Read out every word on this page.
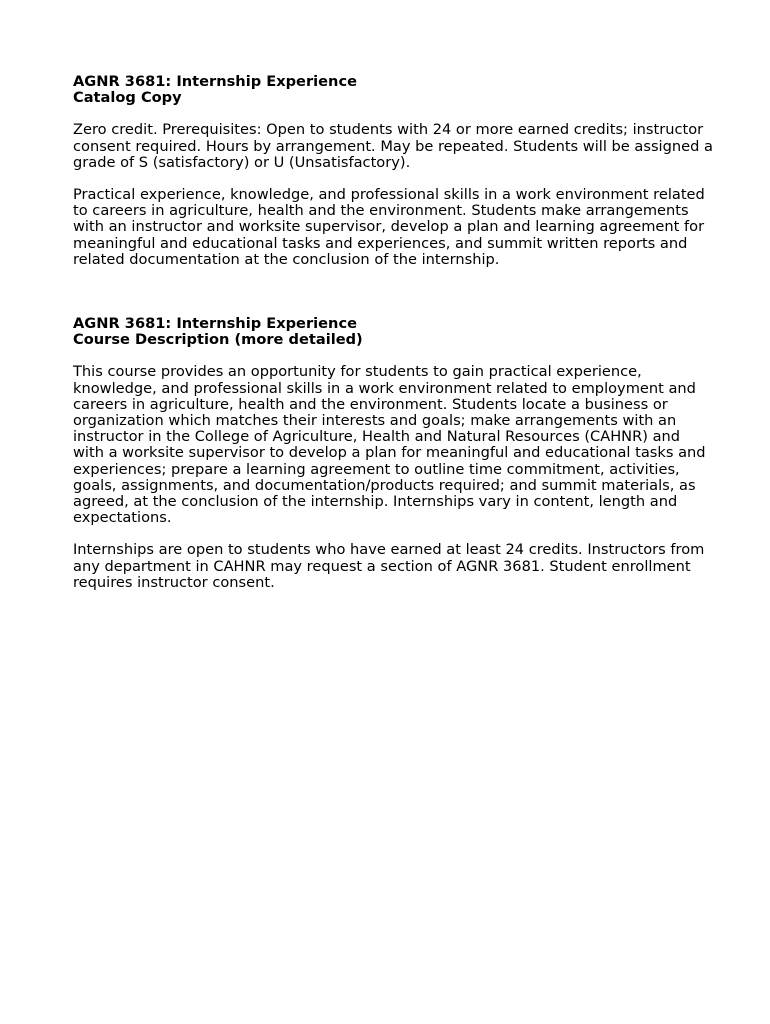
AGNR 3681: Internship Experience
Catalog Copy

Zero credit. Prerequisites: Open to students with 24 or more earned credits; instructor consent required. Hours by arrangement. May be repeated. Students will be assigned a grade of S (satisfactory) or U (Unsatisfactory).

Practical experience, knowledge, and professional skills in a work environment related to careers in agriculture, health and the environment. Students make arrangements with an instructor and worksite supervisor, develop a plan and learning agreement for meaningful and educational tasks and experiences, and summit written reports and related documentation at the conclusion of the internship.

AGNR 3681: Internship Experience
Course Description (more detailed)

This course provides an opportunity for students to gain practical experience, knowledge, and professional skills in a work environment related to employment and careers in agriculture, health and the environment. Students locate a business or organization which matches their interests and goals; make arrangements with an instructor in the College of Agriculture, Health and Natural Resources (CAHNR) and with a worksite supervisor to develop a plan for meaningful and educational tasks and experiences; prepare a learning agreement to outline time commitment, activities, goals, assignments, and documentation/products required; and summit materials, as agreed, at the conclusion of the internship. Internships vary in content, length and expectations.

Internships are open to students who have earned at least 24 credits. Instructors from any department in CAHNR may request a section of AGNR 3681. Student enrollment requires instructor consent.
